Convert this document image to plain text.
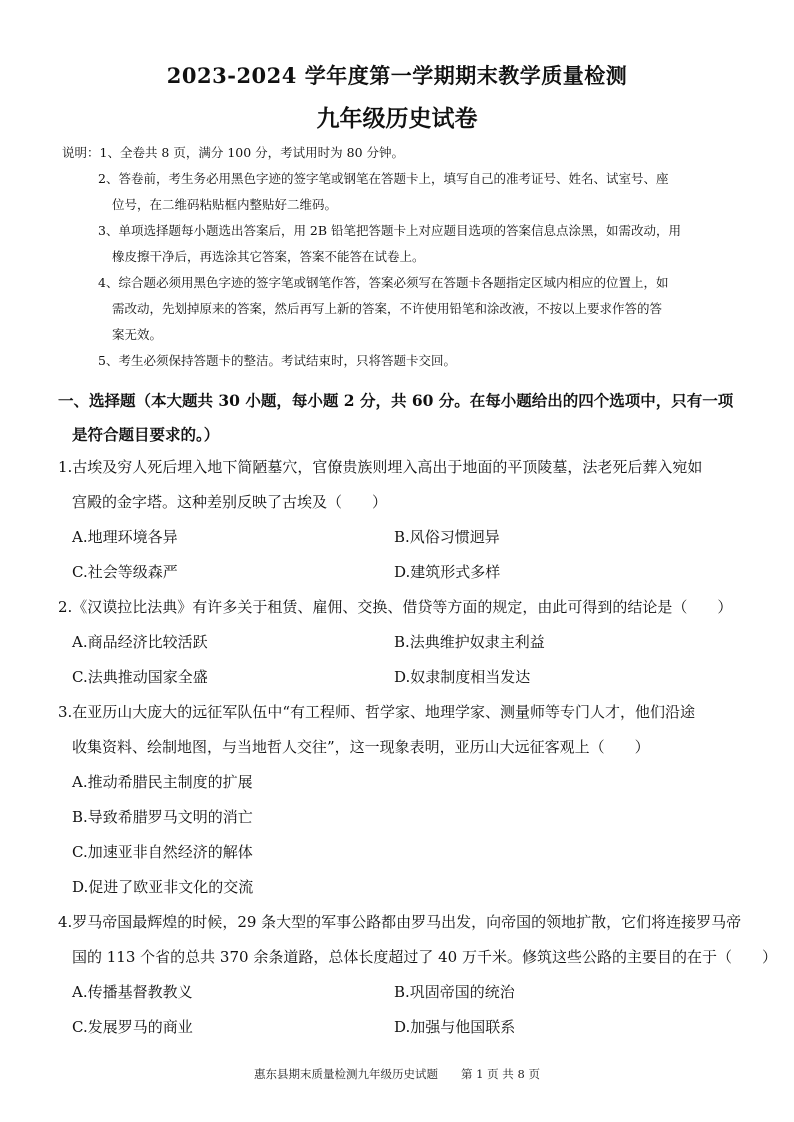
2023-2024 学年度第一学期期末教学质量检测
九年级历史试卷
说明：1、全卷共 8 页，满分 100 分，考试用时为 80 分钟。
2、答卷前，考生务必用黑色字迹的签字笔或钢笔在答题卡上，填写自己的准考证号、姓名、试室号、座
位号，在二维码粘贴框内整贴好二维码。
3、单项选择题每小题选出答案后，用 2B 铅笔把答题卡上对应题目选项的答案信息点涂黑，如需改动，用
橡皮擦干净后，再选涂其它答案，答案不能答在试卷上。
4、综合题必须用黑色字迹的签字笔或钢笔作答，答案必须写在答题卡各题指定区域内相应的位置上，如
需改动，先划掉原来的答案，然后再写上新的答案，不许使用铅笔和涂改液，不按以上要求作答的答
案无效。
5、考生必须保持答题卡的整洁。考试结束时，只将答题卡交回。
一、选择题（本大题共 30 小题，每小题 2 分，共 60 分。在每小题给出的四个选项中，只有一项
是符合题目要求的。）
1.古埃及穷人死后埋入地下简陋墓穴，官僚贵族则埋入高出于地面的平顶陵墓，法老死后葬入宛如
宫殿的金字塔。这种差别反映了古埃及（　　）
A.地理环境各异	B.风俗习惯迥异
C.社会等级森严	D.建筑形式多样
2.《汉谟拉比法典》有许多关于租赁、雇佣、交换、借贷等方面的规定，由此可得到的结论是（　　）
A.商品经济比较活跃	B.法典维护奴隶主利益
C.法典推动国家全盛	D.奴隶制度相当发达
3.在亚历山大庞大的远征军队伍中“有工程师、哲学家、地理学家、测量师等专门人才，他们沿途
收集资料、绘制地图，与当地哲人交往”，这一现象表明，亚历山大远征客观上（　　）
A.推动希腊民主制度的扩展
B.导致希腊罗马文明的消亡
C.加速亚非自然经济的解体
D.促进了欧亚非文化的交流
4.罗马帝国最辉煌的时候，29 条大型的军事公路都由罗马出发，向帝国的领地扩散，它们将连接罗马帝
国的 113 个省的总共 370 余条道路，总体长度超过了 40 万千米。修筑这些公路的主要目的在于（　　）
A.传播基督教教义	B.巩固帝国的统治
C.发展罗马的商业	D.加强与他国联系
惠东县期末质量检测九年级历史试题　　第 1 页 共 8 页
